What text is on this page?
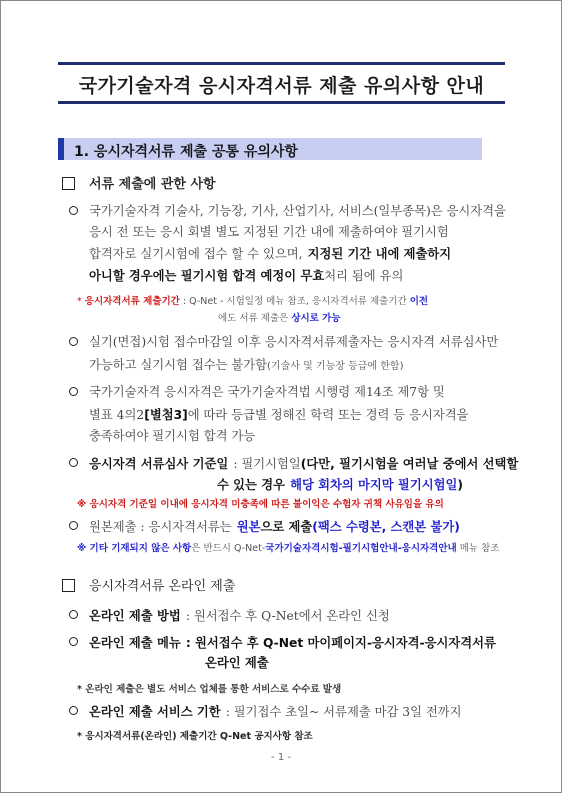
국가기술자격 응시자격서류 제출 유의사항 안내
1. 응시자격서류 제출 공통 유의사항
서류 제출에 관한 사항
국가기술자격 기술사, 기능장, 기사, 산업기사, 서비스(일부종목)은 응시자격을
응시 전 또는 응시 회별 별도 지정된 기간 내에 제출하여야 필기시험
합격자로 실기시험에 접수 할 수 있으며, 지정된 기간 내에 제출하지
아니할 경우에는 필기시험 합격 예정이 무효처리 됨에 유의
* 응시자격서류 제출기간 : Q-Net - 시험일정 메뉴 참조, 응시자격서류 제출기간 이전
에도 서류 제출은 상시로 가능
실기(면접)시험 접수마감일 이후 응시자격서류제출자는 응시자격 서류심사만
가능하고 실기시험 접수는 불가함(기술사 및 기능장 등급에 한함)
국가기술자격 응시자격은 국가기술자격법 시행령 제14조 제7항 및
별표 4의2[별첨3]에 따라 등급별 정해진 학력 또는 경력 등 응시자격을
충족하여야 필기시험 합격 가능
응시자격 서류심사 기준일 : 필기시험일(다만, 필기시험을 여러날 중에서 선택할
수 있는 경우 해당 회차의 마지막 필기시험일)
※ 응시자격 기준일 이내에 응시자격 미충족에 따른 불이익은 수험자 귀책 사유임을 유의
원본제출 : 응시자격서류는 원본으로 제출(팩스 수령본, 스캔본 불가)
※ 기타 기재되지 않은 사항은 반드시 Q-Net-국가기술자격시험-필기시험안내-응시자격안내 메뉴 참조
응시자격서류 온라인 제출
온라인 제출 방법 : 원서접수 후 Q-Net에서 온라인 신청
온라인 제출 메뉴 : 원서접수 후 Q-Net 마이페이지-응시자격-응시자격서류
온라인 제출
* 온라인 제출은 별도 서비스 업체를 통한 서비스로 수수료 발생
온라인 제출 서비스 기한 : 필기접수 초일~ 서류제출 마감 3일 전까지
* 응시자격서류(온라인) 제출기간 Q-Net 공지사항 참조
- 1 -
